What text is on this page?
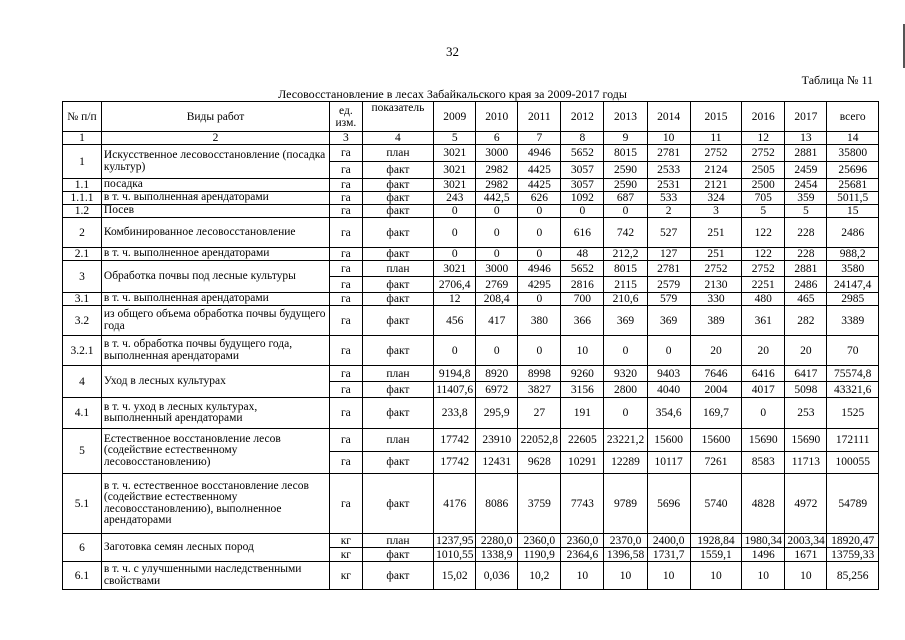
32
Таблица № 11
Лесовосстановление в лесах Забайкальского края за 2009-2017 годы
№ п/п	Виды работ	ед. изм.	показатель	2009	2010	2011	2012	2013	2014	2015	2016	2017	всего
1	2	3	4	5	6	7	8	9	10	11	12	13	14
1	Искусственное лесовосстановление (посадка культур)	га	план	3021	3000	4946	5652	8015	2781	2752	2752	2881	35800
		га	факт	3021	2982	4425	3057	2590	2533	2124	2505	2459	25696
1.1	посадка	га	факт	3021	2982	4425	3057	2590	2531	2121	2500	2454	25681
1.1.1	в т. ч. выполненная арендаторами	га	факт	243	442,5	626	1092	687	533	324	705	359	5011,5
1.2	Посев	га	факт	0	0	0	0	0	2	3	5	5	15
2	Комбинированное лесовосстановление	га	факт	0	0	0	616	742	527	251	122	228	2486
2.1	в т. ч. выполненное арендаторами	га	факт	0	0	0	48	212,2	127	251	122	228	988,2
3	Обработка почвы под лесные культуры	га	план	3021	3000	4946	5652	8015	2781	2752	2752	2881	3580
		га	факт	2706,4	2769	4295	2816	2115	2579	2130	2251	2486	24147,4
3.1	в т. ч. выполненная арендаторами	га	факт	12	208,4	0	700	210,6	579	330	480	465	2985
3.2	из общего объема обработка почвы будущего года	га	факт	456	417	380	366	369	369	389	361	282	3389
3.2.1	в т. ч. обработка почвы будущего года, выполненная арендаторами	га	факт	0	0	0	10	0	0	20	20	20	70
4	Уход в лесных культурах	га	план	9194,8	8920	8998	9260	9320	9403	7646	6416	6417	75574,8
		га	факт	11407,6	6972	3827	3156	2800	4040	2004	4017	5098	43321,6
4.1	в т. ч. уход в лесных культурах, выполненный арендаторами	га	факт	233,8	295,9	27	191	0	354,6	169,7	0	253	1525
5	Естественное восстановление лесов (содействие естественному лесовосстановлению)	га	план	17742	23910	22052,8	22605	23221,2	15600	15600	15690	15690	172111
		га	факт	17742	12431	9628	10291	12289	10117	7261	8583	11713	100055
5.1	в т. ч. естественное восстановление лесов (содействие естественному лесовосстановлению), выполненное арендаторами	га	факт	4176	8086	3759	7743	9789	5696	5740	4828	4972	54789
6	Заготовка семян лесных пород	кг	план	1237,95	2280,0	2360,0	2360,0	2370,0	2400,0	1928,84	1980,34	2003,34	18920,47
		кг	факт	1010,55	1338,9	1190,9	2364,6	1396,58	1731,7	1559,1	1496	1671	13759,33
6.1	в т. ч. с улучшенными наследственными свойствами	кг	факт	15,02	0,036	10,2	10	10	10	10	10	10	85,256
